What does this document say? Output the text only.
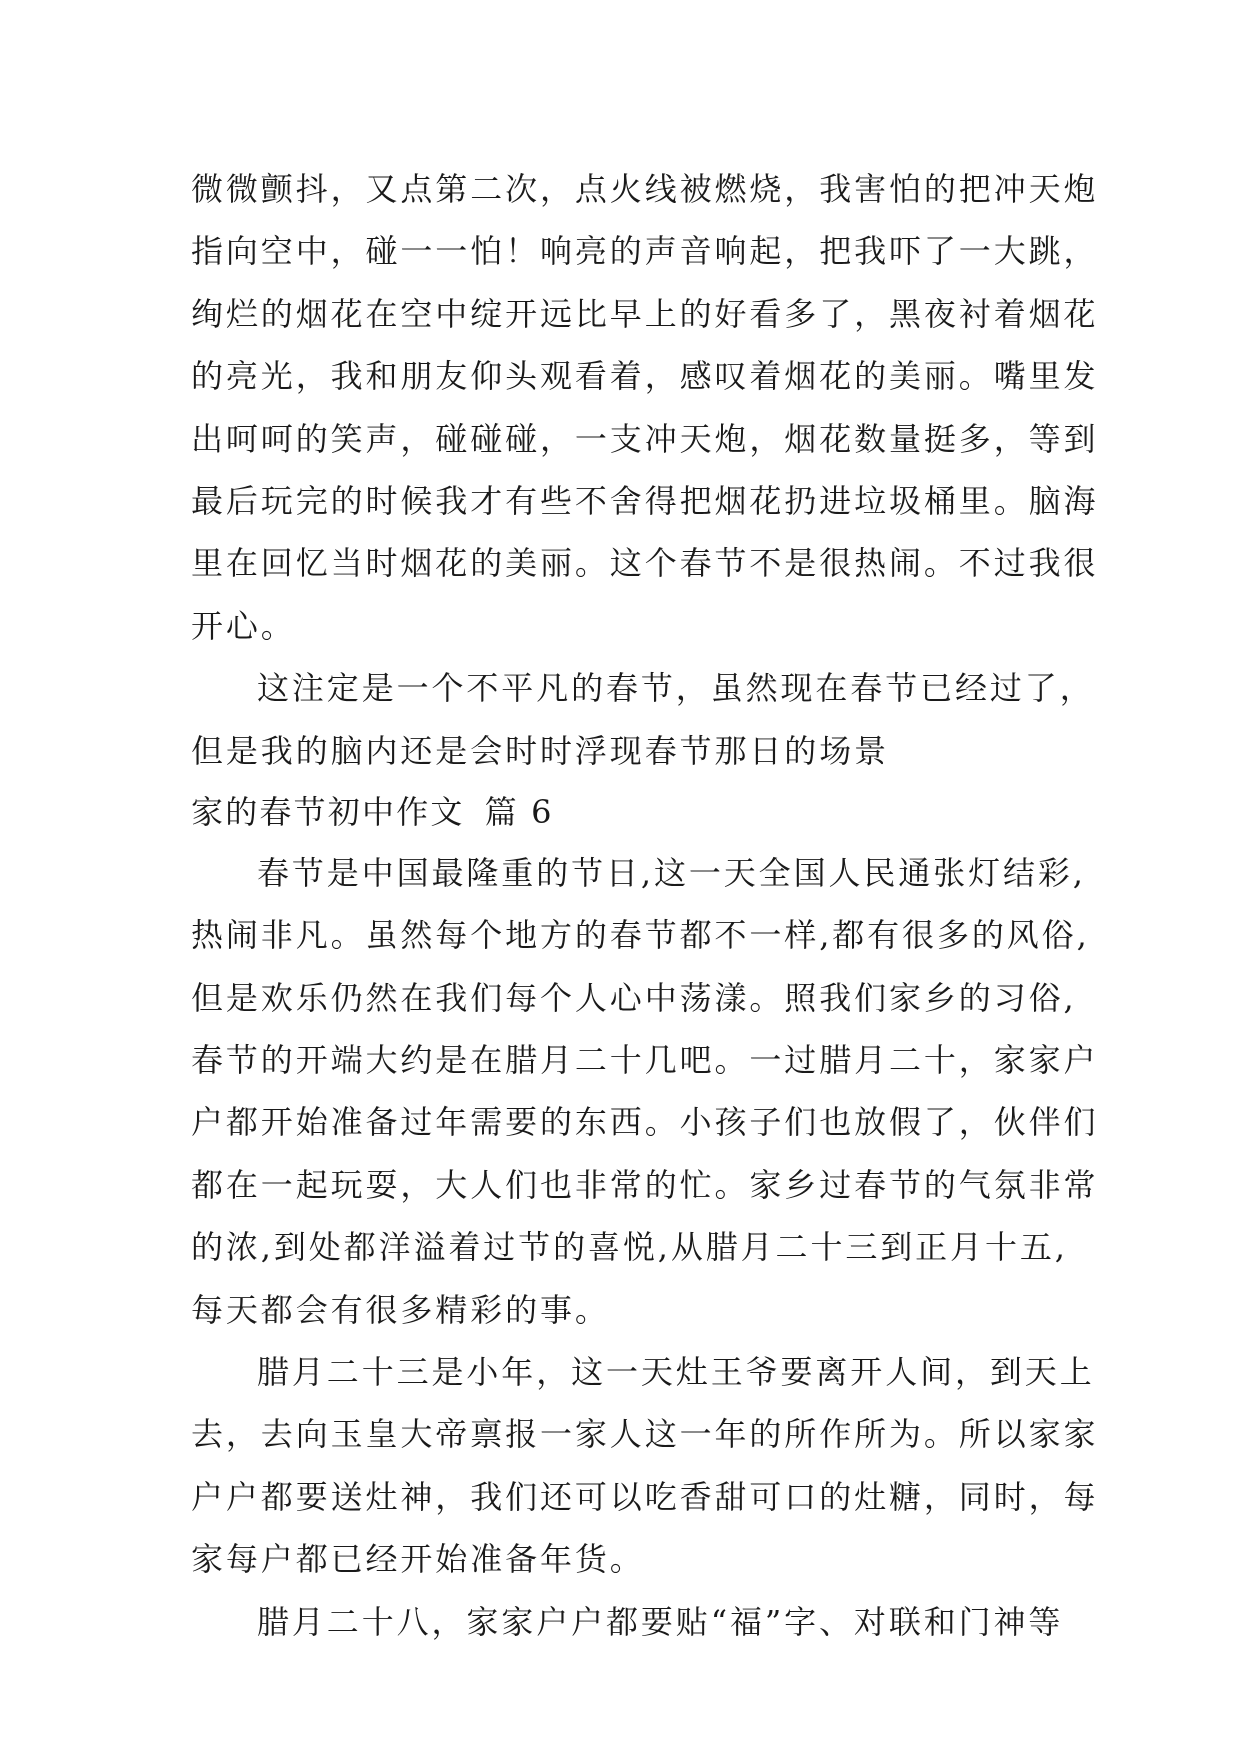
微微颤抖，又点第二次，点火线被燃烧，我害怕的把冲天炮
指向空中，碰一一怕！响亮的声音响起，把我吓了一大跳，
绚烂的烟花在空中绽开远比早上的好看多了，黑夜衬着烟花
的亮光，我和朋友仰头观看着，感叹着烟花的美丽。嘴里发
出呵呵的笑声，碰碰碰，一支冲天炮，烟花数量挺多，等到
最后玩完的时候我才有些不舍得把烟花扔进垃圾桶里。脑海
里在回忆当时烟花的美丽。这个春节不是很热闹。不过我很
开心。
这注定是一个不平凡的春节，虽然现在春节已经过了，
但是我的脑内还是会时时浮现春节那日的场景
家的春节初中作文 篇 6
春节是中国最隆重的节日,这一天全国人民通张灯结彩,
热闹非凡。虽然每个地方的春节都不一样,都有很多的风俗,
但是欢乐仍然在我们每个人心中荡漾。照我们家乡的习俗,
春节的开端大约是在腊月二十几吧。一过腊月二十，家家户
户都开始准备过年需要的东西。小孩子们也放假了，伙伴们
都在一起玩耍，大人们也非常的忙。家乡过春节的气氛非常
的浓,到处都洋溢着过节的喜悦,从腊月二十三到正月十五,
每天都会有很多精彩的事。
腊月二十三是小年，这一天灶王爷要离开人间，到天上
去，去向玉皇大帝禀报一家人这一年的所作所为。所以家家
户户都要送灶神，我们还可以吃香甜可口的灶糖，同时，每
家每户都已经开始准备年货。
腊月二十八，家家户户都要贴“福”字、对联和门神等
